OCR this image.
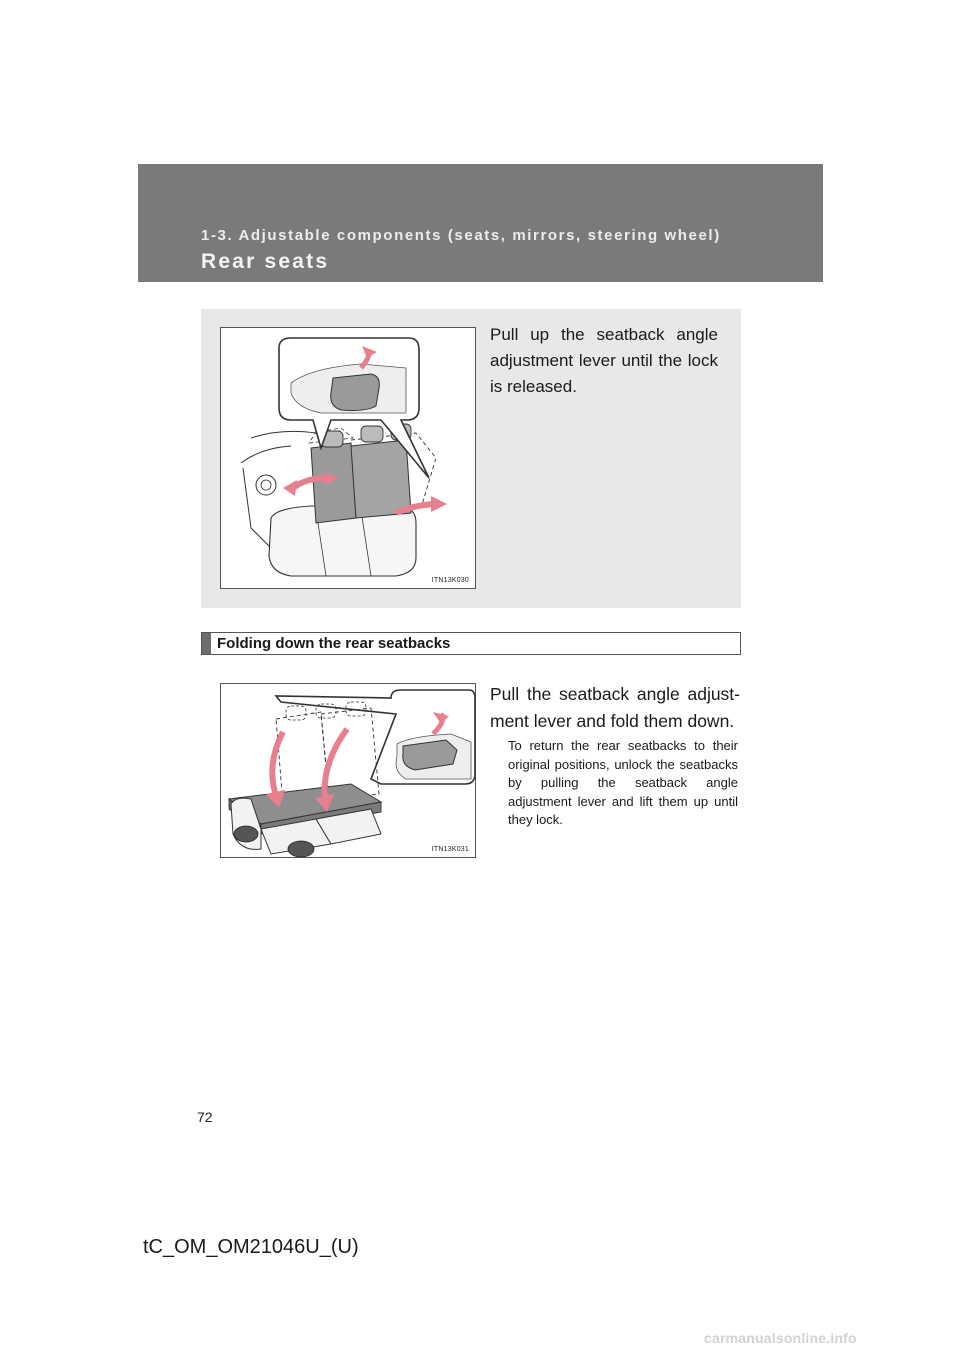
1-3. Adjustable components (seats, mirrors, steering wheel)
Rear seats
ITN13K030
Pull up the seatback angle adjustment lever until the lock is released.
Folding down the rear seatbacks
ITN13K031
Pull the seatback angle adjust-ment lever and fold them down.
To return the rear seatbacks to their original positions, unlock the seatbacks by pulling the seatback angle adjustment lever and lift them up until they lock.
72
tC_OM_OM21046U_(U)
carmanualsonline.info
